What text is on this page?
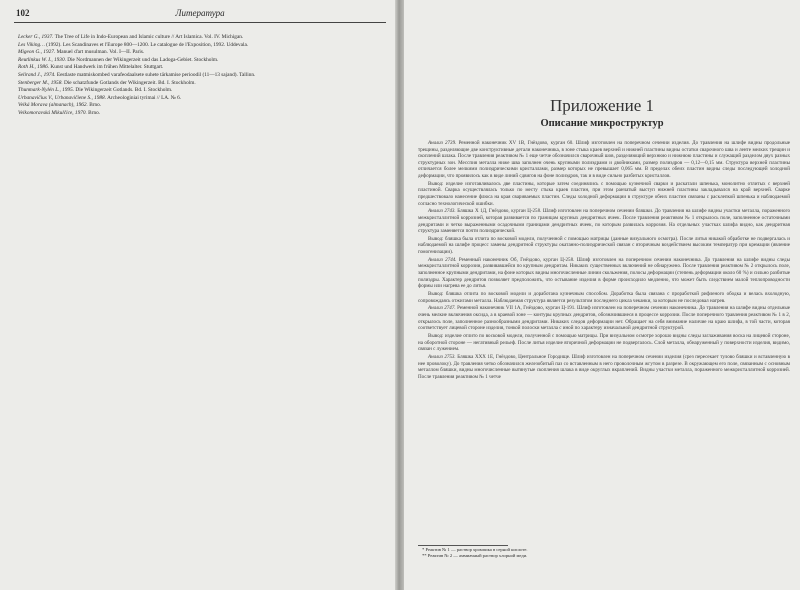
102	Литература
Lecker G., 1937. The Tree of Life in Indo-European and Islamic culture // Art Islamica. Vol. IV. Michigan.
Les Viking… (1992). Les Scandinaves et l'Europe 800—1200. Le catalogue de l'Exposition, 1992. Uddevala.
Migeon G., 1927. Manuel d'art musulman. Vol. I—II. Paris.
Reutlinkus W. I., 1930. Die Nordmannen der Wikingerzeit und das Ladoga-Gebiet. Stockholm.
Roth H., 1986. Kunst und Handwerk im frühen Mittelalter. Stuttgart.
Selirand J., 1974. Eestlaste matmiskombed varafeodaalsete suhete tärkamise perioodil (11—13 sajand). Tallinn.
Stenberger M., 1958. Die schatzfunde Gotlands der Wikingerzeit. Bd. I. Stockholm.
Thunmark-Nylén L., 1995. Die Wikingerzeit Gotlands. Bd. I. Stockholm.
Urbanavičius V., Urbanavičiene S., 1988. Archeologiniai tyrimai // LA. № 6.
Velká Morava (almanach), 1962. Brno.
Velkomoravská Mikulčice, 1970. Brno.	Приложение 1
Описание микроструктур

Анализ 2739. Ременной наконечник XV 1В, Гнёздово, курган 60. Шлиф изготовлен на поперечном сечении изделия. До травления на шлифе видны продольные трещины, разделяющие две конструктивные детали наконечника, в зоне стыка краев верхней и нижней пластины видны остатки сварочного шва и ленте мелких трещин и скоплений шлака. После травления реактивом № 1 еще четче обозначился сварочный шов, разделяющий верхнюю и нижнюю пластины и служащий разделом двух разных структурных зон. Месспия металла ниже шва заполнен очень крупными полиэдрами и двойниками, размер полиэдров — 0,12—0,15 мм. Структура верхней пластины отличается более мелкими полиэдрическими кристаллами, размер которых не превышает 0,065 мм. В пределах обеих пластин видны следы последующей холодной деформации, что проявилось как в виде линий сдвигов на фоне полиэдров, так и в виде сильно разбитых кристаллов.

Вывод: изделие изготавливалось две пластины, которые затем соединялись с помощью кузнечной сварки и раскатали шпенька, монолитно отлитых с верхней пластиной. Сварка осуществлялась только по месту стыка краев пластин, при этом ранчатый выступ нижней пластины закладывался на край верхней. Сварке предшествовало нанесение флюса на края свариваемых пластин. Следы холодной деформации в структуре обеих пластин связаны с расклепкой шпенька и наблюдаемой согласно технологической ошибки.

Анализ 2743. Бляшка Х 1Д, Гнёздово, курган Ц-258. Шлиф изготовлен на поперечном сечении бляшки. До травления на шлифе видны участки металла, пораженного межкристаллитной коррозией, которая развивается по границам крупных дендритных ячеек. После травления реактивом № 1 открылось поле, заполненное остаточными дендритами и четко выраженными осадочными границами дендритных ячеек, по которым развилась коррозия. На отдельных участках шлифа видно, как дендритная структура заменяется почти полиэдрической.

Вывод: бляшка была отлита по восковой модели, полученной с помощью матрицы (данные визуального осмотра). После литья никакой обработке не подвергалась и наблюдаемой на шлифе процесс замены дендритной структуры окатанно-полиэдрической связан с вторичным воздействием высоким температур при кремации (явление гомогенизации).

Анализ 2744. Ременный наконечник Об, Гнёздово, курган Ц-258. Шлиф изготовлен на поперечном сечении наконечника. До травления на шлифе видны следы межкристаллитной коррозии, развивавшейся по крупным дендритам. Никаких существенных включений не обнаружено. После травления реактивом № 2 открылось поле, заполненное крупными дендритами, на фоне которых видны многочисленные линии скольжения, полосы деформации (степень деформации около 60 %) и сильно разбитые полиэдры. Характер дендритов позволяет предположить, что остывание изделия в форме происходило медленно, что может быть следствием малой теплопроводности формы или нагрева ее до литья.

Вывод: бляшка отлита по восковой модели и доработана кузнечным способом. Доработка была связана с проработкой рифленого ободка и велась вхолодную, сопровождаясь отжигами металла. Наблюдаемая структура является результатом последнего цикла чеканки, за которым не последовал нагрев.

Анализ 2747. Ременной наконечник VII 1А, Гнёздово, курган Ц-191. Шлиф изготовлен на поперечном сечении наконечника. До травления на шлифе видны отдельные очень мелкие включения оксида, а в краевой зоне — контуры крупных дендритов, обозначившиеся в процессе коррозии. После поперечного травления реактивом № 1 в 2, открылось поле, заполненное разнообразными дендритами. Никаких следов деформации нет. Обращает на себя внимание наличие на краю шлифа, в той части, которая соответствует лицевой стороне изделия, тонкой полоски металла с иной по характеру изначальной дендритной структурой.

Вывод: изделие отлито по восковой модели, полученной с помощью матрицы. При визуальном осмотре хорошо видны следы заглаживания воска на лицевой стороне, на оборотной стороне — негативный рельеф. После литья изделие вторичной деформации не подвергалось. Слой металла, обнаруженный у поверхности изделия, видимо, связан с лужением.

Анализ 2753. Бляшка XXX 1Е, Гнёздово, Центральное Городище. Шлиф изготовлен на поперечном сечении изделия (срез пересекает тулово бляшки и вставленную в нее проволоку). До травления четко обозначился железобитый паз со вставленным в него проволочным жгутом в разрезе. В окружающем его поле, связанным с основным металлом бляшки, видны многочисленные вытянутые скопления шлака в виде округлых вкраплений. Видны участки металла, пораженного межкристаллитной коррозией. После травления реактивом № 1 четче

* Реактив № 1 — раствор хромпика в серной кислоте.
** Реактив № 2 — аммиачный раствор хлорной меди.
